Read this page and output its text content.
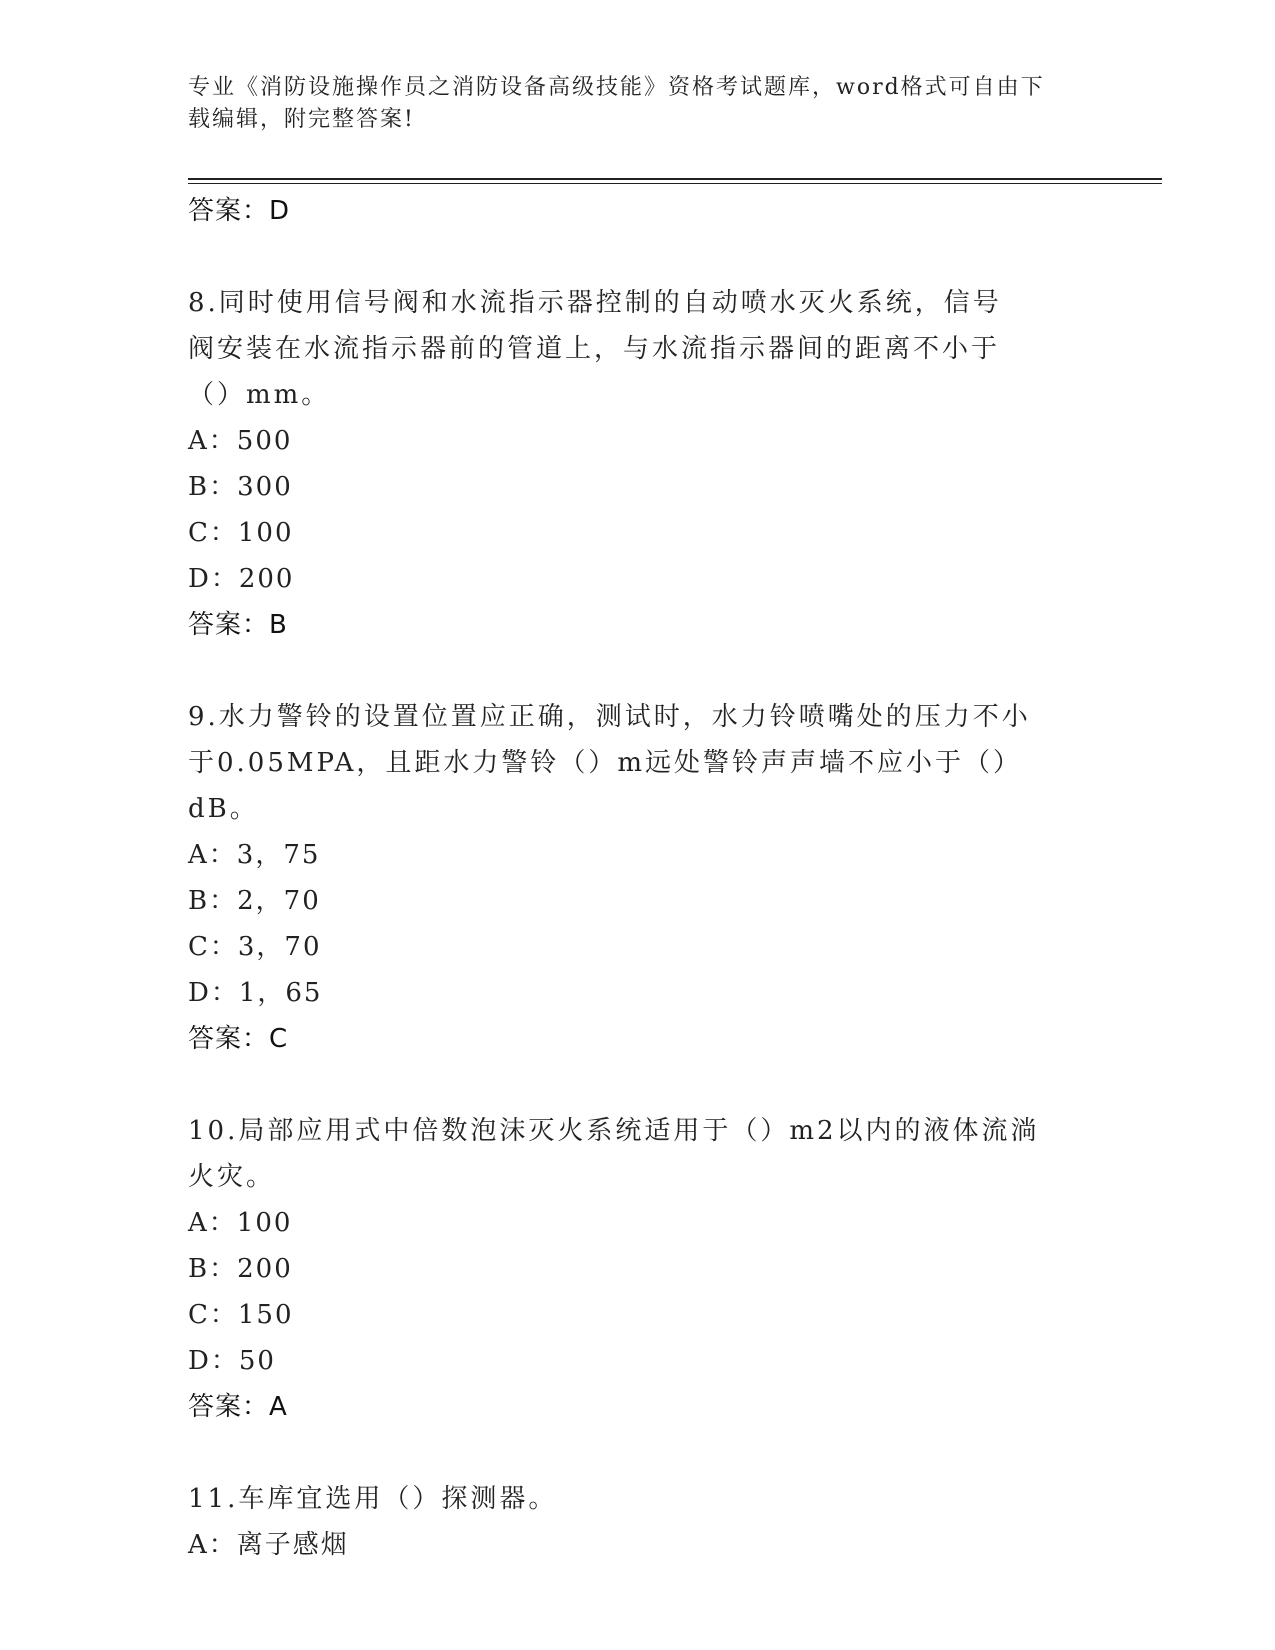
专业《消防设施操作员之消防设备高级技能》资格考试题库，word格式可自由下载编辑，附完整答案!
答案：D
8.同时使用信号阀和水流指示器控制的自动喷水灭火系统，信号阀安装在水流指示器前的管道上，与水流指示器间的距离不小于（）mm。
A：500
B：300
C：100
D：200
答案：B
9.水力警铃的设置位置应正确，测试时，水力铃喷嘴处的压力不小于0.05MPA，且距水力警铃（）m远处警铃声声墙不应小于（）dB。
A：3，75
B：2，70
C：3，70
D：1，65
答案：C
10.局部应用式中倍数泡沫灭火系统适用于（）m2以内的液体流淌火灾。
A：100
B：200
C：150
D：50
答案：A
11.车库宜选用（）探测器。
A：离子感烟
